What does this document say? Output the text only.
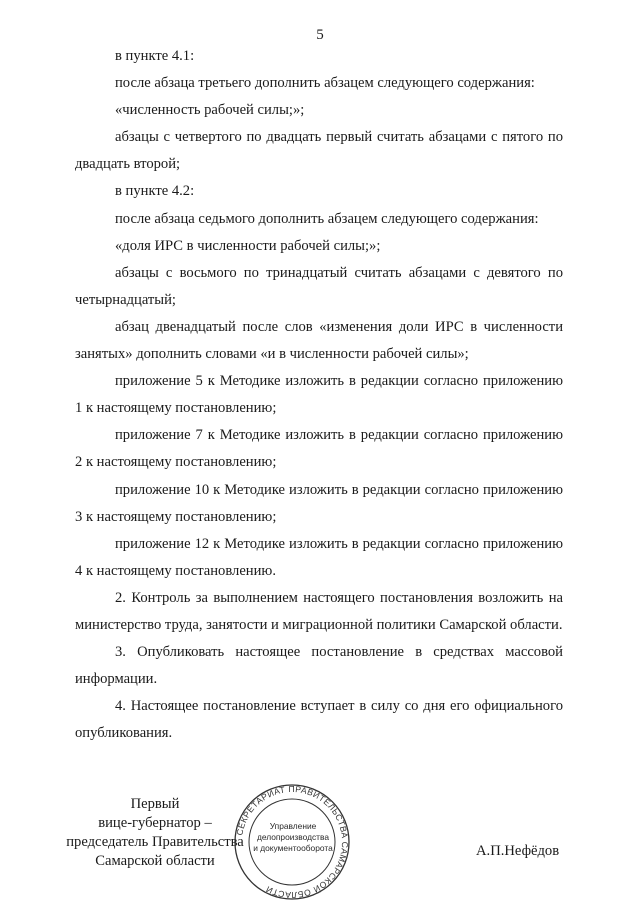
5

в пункте 4.1:

после абзаца третьего дополнить абзацем следующего содержания:

«численность рабочей силы;»;

абзацы с четвертого по двадцать первый считать абзацами с пятого по двадцать второй;

в пункте 4.2:

после абзаца седьмого дополнить абзацем следующего содержания:

«доля ИРС в численности рабочей силы;»;

абзацы с восьмого по тринадцатый считать абзацами с девятого по четырнадцатый;

абзац двенадцатый после слов «изменения доли ИРС в численности занятых» дополнить словами «и в численности рабочей силы»;

приложение 5 к Методике изложить в редакции согласно приложению 1 к настоящему постановлению;

приложение 7 к Методике изложить в редакции согласно приложению 2 к настоящему постановлению;

приложение 10 к Методике изложить в редакции согласно приложению 3 к настоящему постановлению;

приложение 12 к Методике изложить в редакции согласно приложению 4 к настоящему постановлению.

2. Контроль за выполнением настоящего постановления возложить на министерство труда, занятости и миграционной политики Самарской области.

3. Опубликовать настоящее постановление в средствах массовой информации.

4. Настоящее постановление вступает в силу со дня его официального опубликования.

Первый
вице-губернатор –
председатель Правительства
Самарской области
СЕКРЕТАРИАТ ПРАВИТЕЛЬСТВА САМАРСКОЙ ОБЛАСТИ
Управление
делопроизводства
и документооборота	А.П.Нефёдов
